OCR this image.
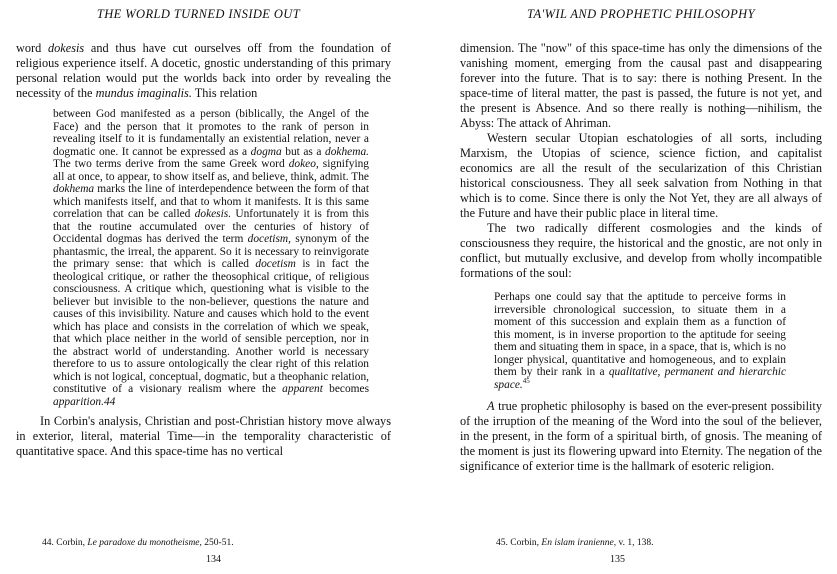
THE WORLD TURNED INSIDE OUT

word dokesis and thus have cut ourselves off from the foundation of religious experience itself. A docetic, gnostic understanding of this primary personal relation would put the worlds back into order by revealing the necessity of the mundus imaginalis. This relation

between God manifested as a person (biblically, the Angel of the Face) and the person that it promotes to the rank of person in revealing itself to it is fundamentally an existential relation, never a dogmatic one. It cannot be expressed as a dogma but as a dokhema. The two terms derive from the same Greek word dokeo, signifying all at once, to appear, to show itself as, and believe, think, admit. The dokhema marks the line of interdependence between the form of that which manifests itself, and that to whom it manifests. It is this same correlation that can be called dokesis. Unfortunately it is from this that the routine accumulated over the centuries of history of Occidental dogmas has derived the term docetism, synonym of the phantasmic, the irreal, the apparent. So it is necessary to reinvigorate the primary sense: that which is called docetism is in fact the theological critique, or rather the theosophical critique, of religious consciousness. A critique which, questioning what is visible to the believer but invisible to the non-believer, questions the nature and causes of this invisibility. Nature and causes which hold to the event which has place and consists in the correlation of which we speak, that which place neither in the world of sensible perception, nor in the abstract world of understanding. Another world is necessary therefore to us to assure ontologically the clear right of this relation which is not logical, conceptual, dogmatic, but a theophanic relation, constitutive of a visionary realism where the apparent becomes apparition.44

In Corbin's analysis, Christian and post-Christian history move always in exterior, literal, material Time—in the temporality characteristic of quantitative space. And this space-time has no vertical

44. Corbin, Le paradoxe du monotheisme, 250-51.

134

TA'WIL AND PROPHETIC PHILOSOPHY

dimension. The "now" of this space-time has only the dimensions of the vanishing moment, emerging from the causal past and disappearing forever into the future. That is to say: there is nothing Present. In the space-time of literal matter, the past is passed, the future is not yet, and the present is Absence. And so there really is nothing—nihilism, the Abyss: The attack of Ahriman.

Western secular Utopian eschatologies of all sorts, including Marxism, the Utopias of science, science fiction, and capitalist economics are all the result of the secularization of this Christian historical consciousness. They all seek salvation from Nothing in that which is to come. Since there is only the Not Yet, they are all always of the Future and have their public place in literal time.

The two radically different cosmologies and the kinds of consciousness they require, the historical and the gnostic, are not only in conflict, but mutually exclusive, and develop from wholly incompatible formations of the soul:

Perhaps one could say that the aptitude to perceive forms in irreversible chronological succession, to situate them in a moment of this succession and explain them as a function of this moment, is in inverse proportion to the aptitude for seeing them and situating them in space, in a space, that is, which is no longer physical, quantitative and homogeneous, and to explain them by their rank in a qualitative, permanent and hierarchic space.$^{45}$

A true prophetic philosophy is based on the ever-present possibility of the irruption of the meaning of the Word into the soul of the believer, in the present, in the form of a spiritual birth, of gnosis. The meaning of the moment is just its flowering upward into Eternity. The negation of the significance of exterior time is the hallmark of esoteric religion.

45. Corbin, En islam iranienne, v. 1, 138.

135
